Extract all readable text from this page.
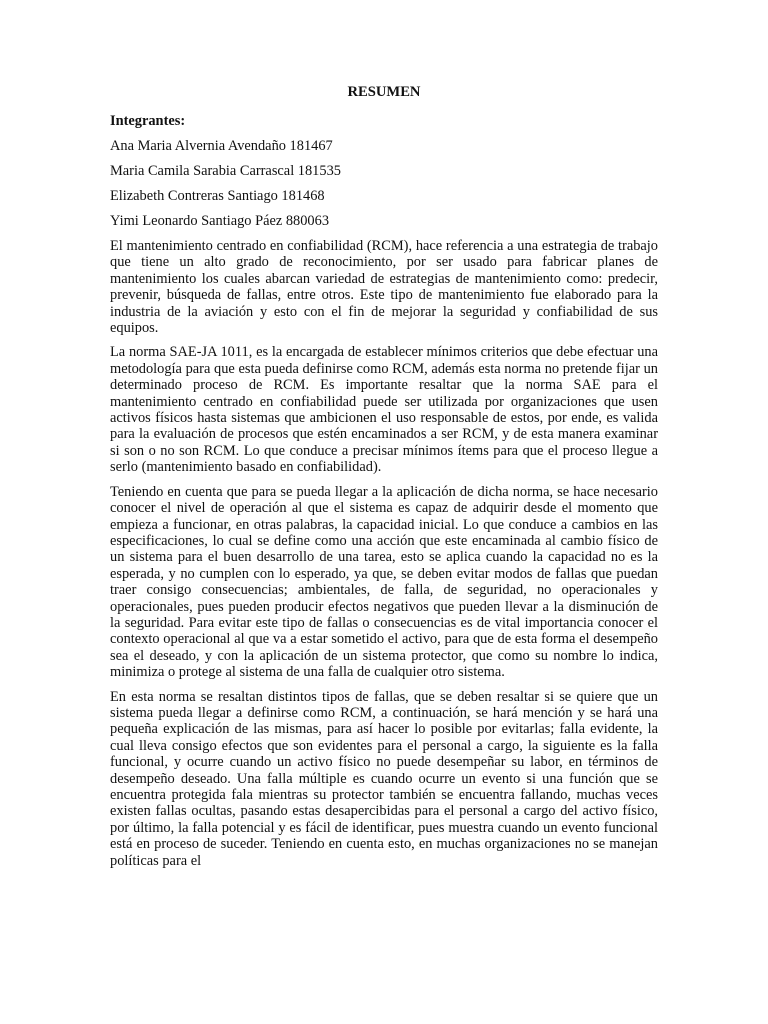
RESUMEN
Integrantes:
Ana Maria Alvernia Avendaño 181467
Maria Camila Sarabia Carrascal 181535
Elizabeth Contreras Santiago 181468
Yimi Leonardo Santiago Páez 880063

El mantenimiento centrado en confiabilidad (RCM), hace referencia a una estrategia de trabajo que tiene un alto grado de reconocimiento, por ser usado para fabricar planes de mantenimiento los cuales abarcan variedad de estrategias de mantenimiento como: predecir, prevenir, búsqueda de fallas, entre otros. Este tipo de mantenimiento fue elaborado para la industria de la aviación y esto con el fin de mejorar la seguridad y confiabilidad de sus equipos.

La norma SAE-JA 1011, es la encargada de establecer mínimos criterios que debe efectuar una metodología para que esta pueda definirse como RCM, además esta norma no pretende fijar un determinado proceso de RCM. Es importante resaltar que la norma SAE para el mantenimiento centrado en confiabilidad puede ser utilizada por organizaciones que usen activos físicos hasta sistemas que ambicionen el uso responsable de estos, por ende, es valida para la evaluación de procesos que estén encaminados a ser RCM, y de esta manera examinar si son o no son RCM. Lo que conduce a precisar mínimos ítems para que el proceso llegue a serlo (mantenimiento basado en confiabilidad).

Teniendo en cuenta que para se pueda llegar a la aplicación de dicha norma, se hace necesario conocer el nivel de operación al que el sistema es capaz de adquirir desde el momento que empieza a funcionar, en otras palabras, la capacidad inicial. Lo que conduce a cambios en las especificaciones, lo cual se define como una acción que este encaminada al cambio físico de un sistema para el buen desarrollo de una tarea, esto se aplica cuando la capacidad no es la esperada, y no cumplen con lo esperado, ya que, se deben evitar modos de fallas que puedan traer consigo consecuencias; ambientales, de falla, de seguridad, no operacionales y operacionales, pues pueden producir efectos negativos que pueden llevar a la disminución de la seguridad. Para evitar este tipo de fallas o consecuencias es de vital importancia conocer el contexto operacional al que va a estar sometido el activo, para que de esta forma el desempeño sea el deseado, y con la aplicación de un sistema protector, que como su nombre lo indica, minimiza o protege al sistema de una falla de cualquier otro sistema.

En esta norma se resaltan distintos tipos de fallas, que se deben resaltar si se quiere que un sistema pueda llegar a definirse como RCM, a continuación, se hará mención y se hará una pequeña explicación de las mismas, para así hacer lo posible por evitarlas; falla evidente, la cual lleva consigo efectos que son evidentes para el personal a cargo, la siguiente es la falla funcional, y ocurre cuando un activo físico no puede desempeñar su labor, en términos de desempeño deseado. Una falla múltiple es cuando ocurre un evento si una función que se encuentra protegida fala mientras su protector también se encuentra fallando, muchas veces existen fallas ocultas, pasando estas desapercibidas para el personal a cargo del activo físico, por último, la falla potencial y es fácil de identificar, pues muestra cuando un evento funcional está en proceso de suceder. Teniendo en cuenta esto, en muchas organizaciones no se manejan políticas para el
